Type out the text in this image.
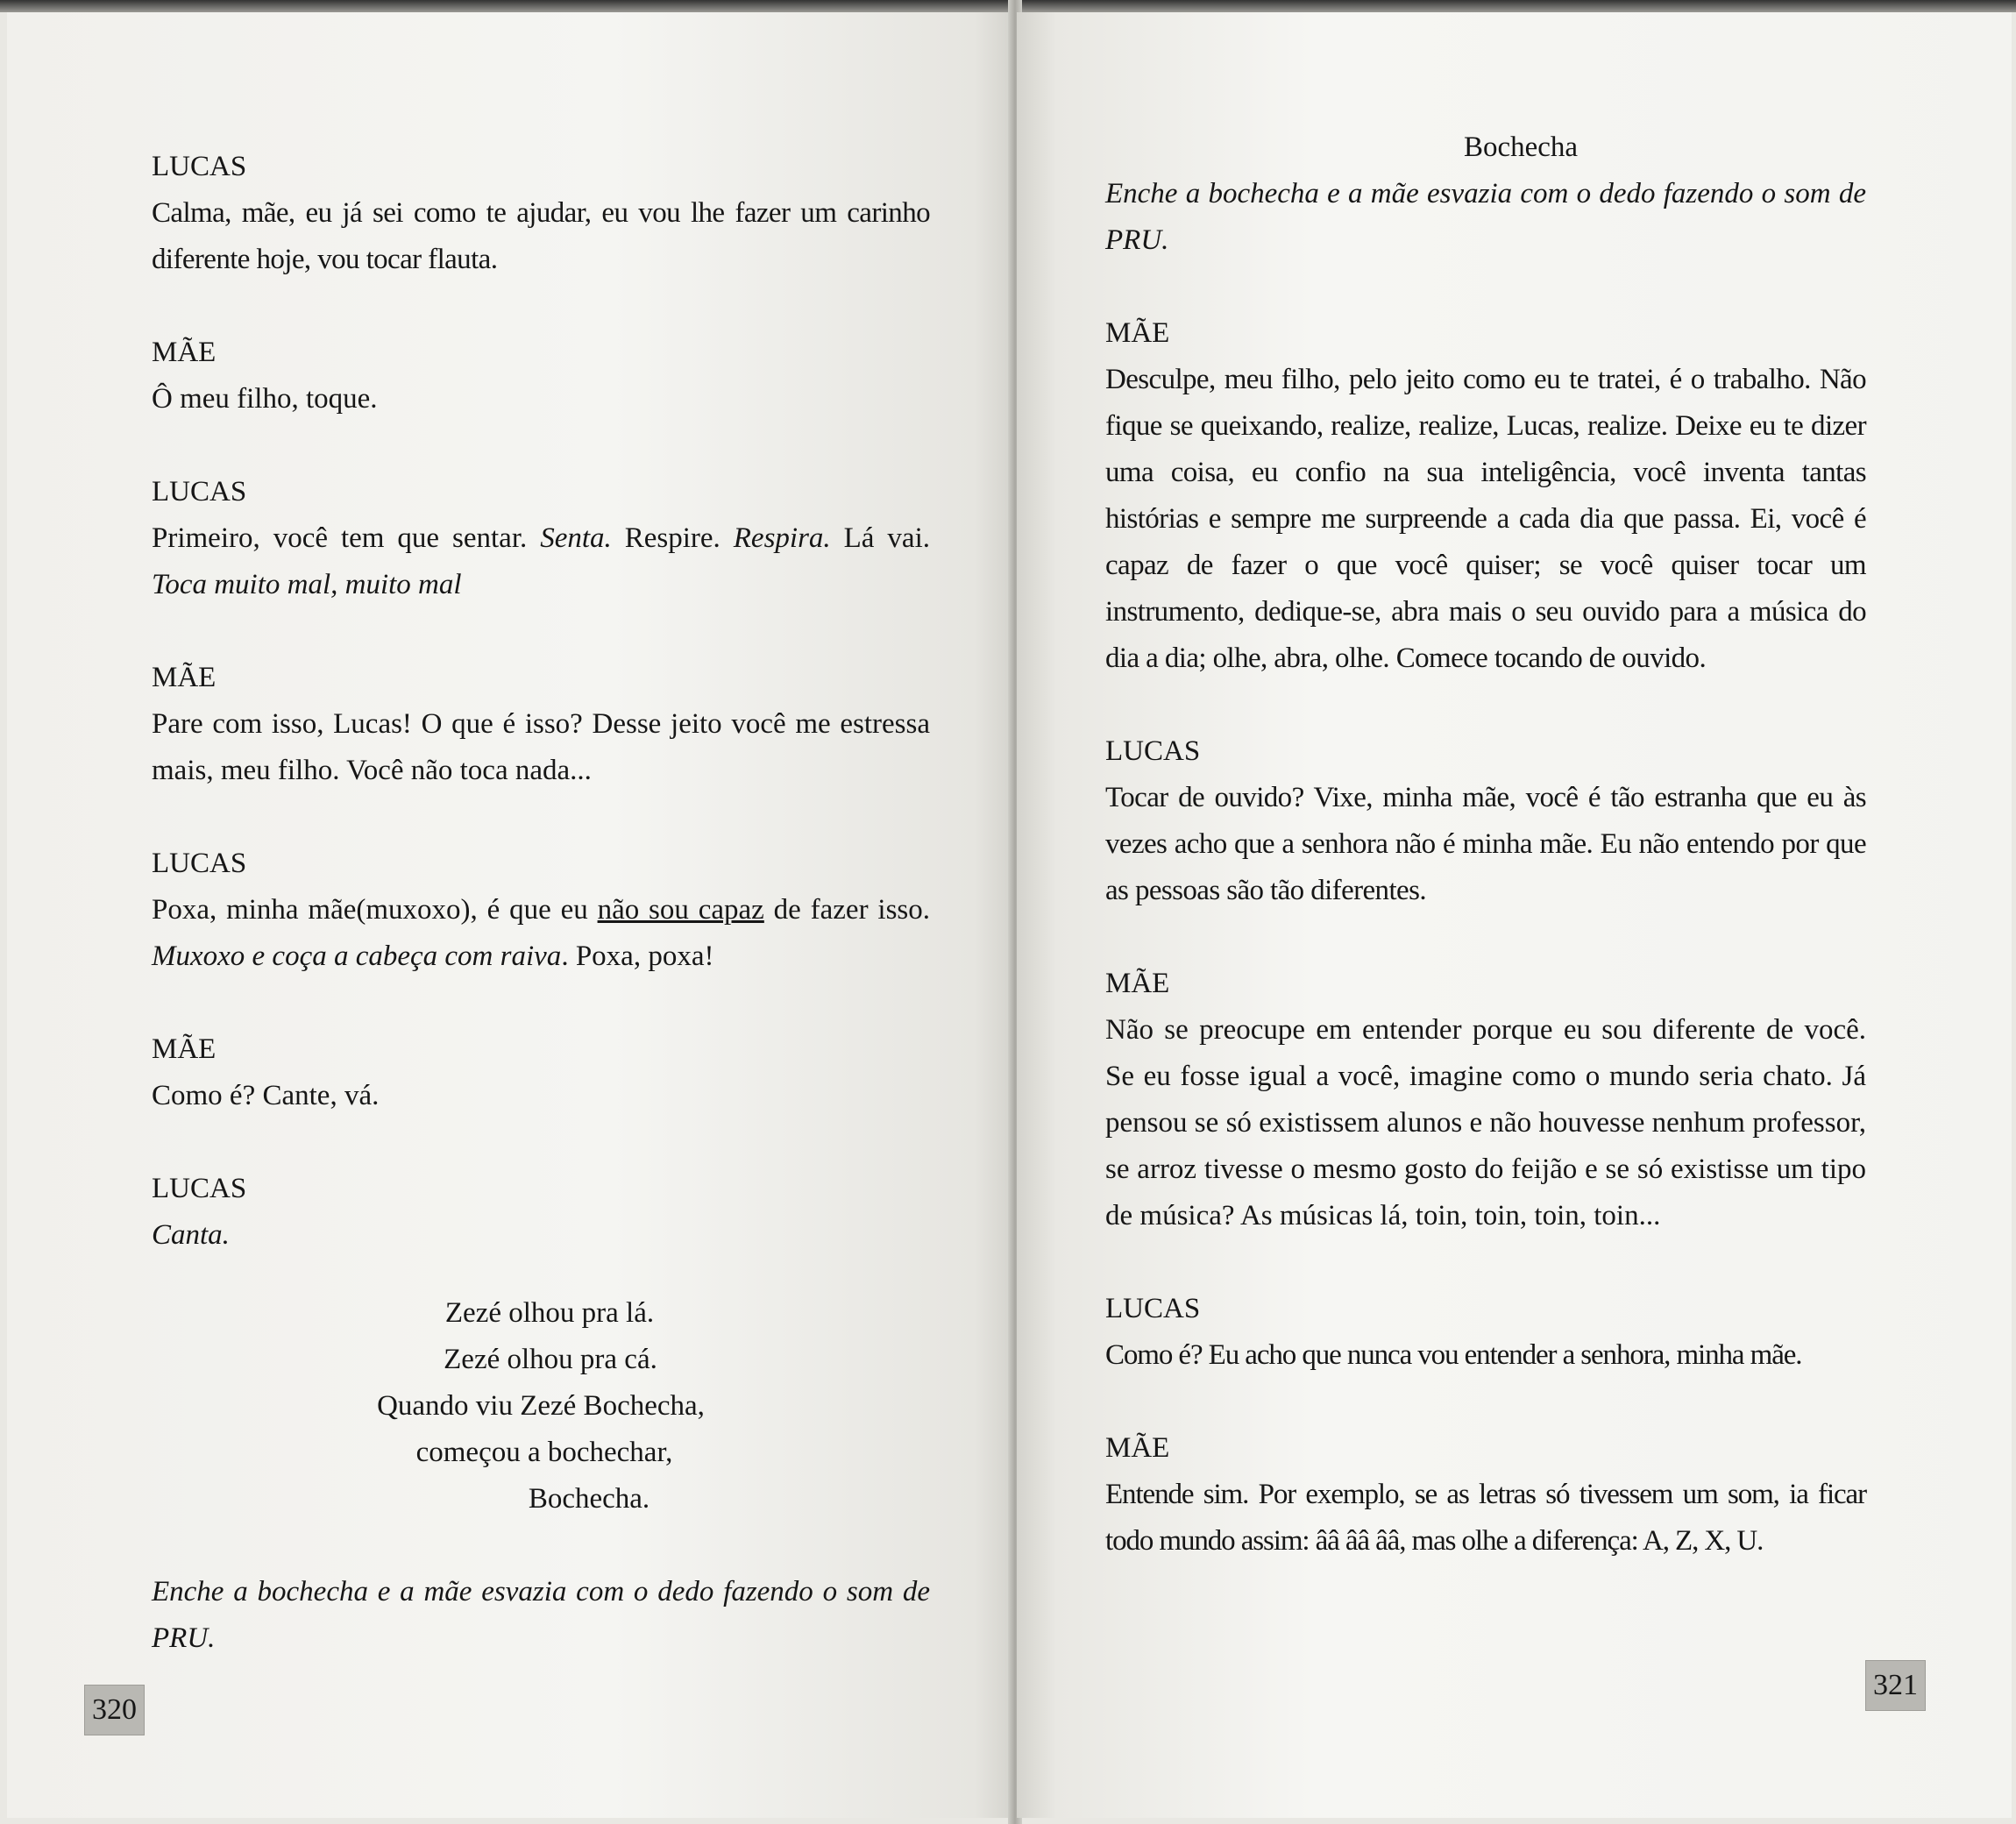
LUCAS

Calma, mãe, eu já sei como te ajudar, eu vou lhe fazer um carinho diferente hoje, vou tocar flauta.

MÃE

Ô meu filho, toque.

LUCAS

Primeiro, você tem que sentar. Senta. Respire. Respira. Lá vai. Toca muito mal, muito mal

MÃE

Pare com isso, Lucas! O que é isso? Desse jeito você me estressa mais, meu filho. Você não toca nada...

LUCAS

Poxa, minha mãe(muxoxo), é que eu não sou capaz de fazer isso. Muxoxo e coça a cabeça com raiva. Poxa, poxa!

MÃE

Como é? Cante, vá.

LUCAS

Canta.

Zezé olhou pra lá.
Zezé olhou pra cá.
Quando viu Zezé Bochecha,
começou a bochechar,
Bochecha.

Enche a bochecha e a mãe esvazia com o dedo fazendo o som de PRU.

320
Bochecha

Enche a bochecha e a mãe esvazia com o dedo fazendo o som de PRU.

MÃE

Desculpe, meu filho, pelo jeito como eu te tratei, é o trabalho. Não fique se queixando, realize, realize, Lucas, realize. Deixe eu te dizer uma coisa, eu confio na sua inteligência, você inventa tantas histórias e sempre me surpreende a cada dia que passa. Ei, você é capaz de fazer o que você quiser; se você quiser tocar um instrumento, dedique-se, abra mais o seu ouvido para a música do dia a dia; olhe, abra, olhe. Comece tocando de ouvido.

LUCAS

Tocar de ouvido? Vixe, minha mãe, você é tão estranha que eu às vezes acho que a senhora não é minha mãe. Eu não entendo por que as pessoas são tão diferentes.

MÃE

Não se preocupe em entender porque eu sou diferente de você. Se eu fosse igual a você, imagine como o mundo seria chato. Já pensou se só existissem alunos e não houvesse nenhum professor, se arroz tivesse o mesmo gosto do feijão e se só existisse um tipo de música? As músicas lá, toin, toin, toin, toin...

LUCAS

Como é? Eu acho que nunca vou entender a senhora, minha mãe.

MÃE

Entende sim. Por exemplo, se as letras só tivessem um som, ia ficar todo mundo assim: ââ ââ ââ, mas olhe a diferença: A, Z, X, U.

321
